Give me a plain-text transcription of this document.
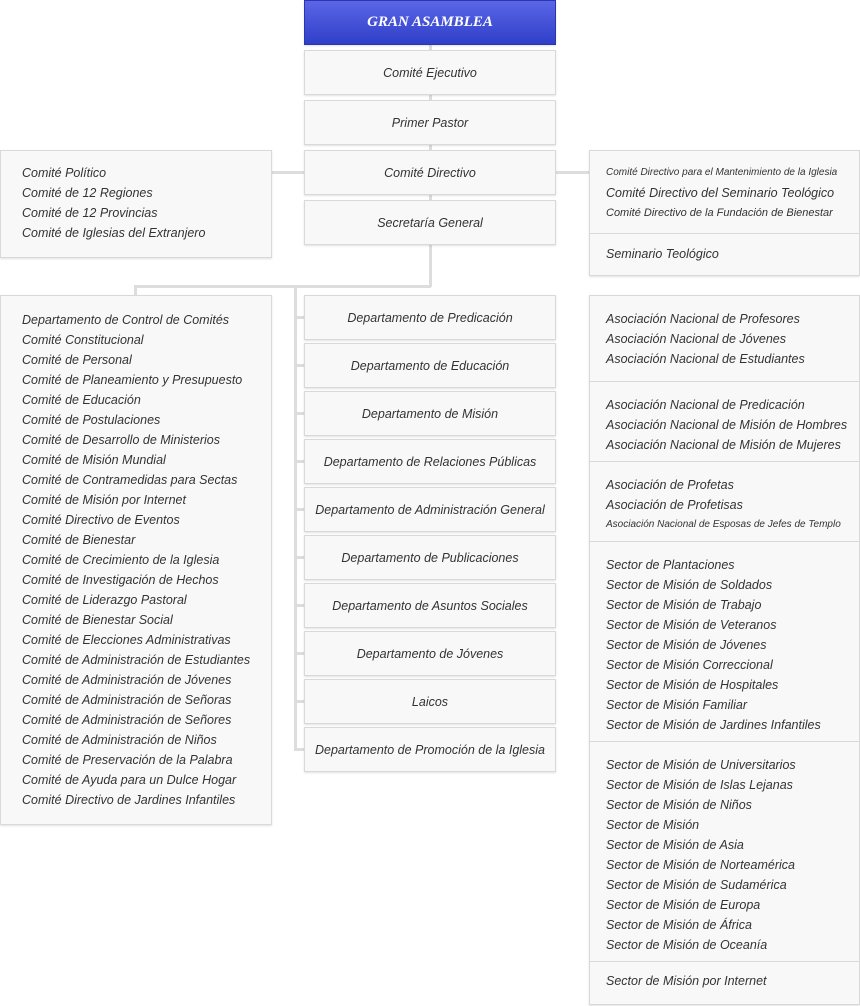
GRAN ASAMBLEA
Comité Ejecutivo
Primer Pastor
Comité Directivo
Secretaría General
Comité Político
Comité de 12 Regiones
Comité de 12 Provincias
Comité de Iglesias del Extranjero
Comité Directivo para el Mantenimiento de la Iglesia
Comité Directivo del Seminario Teológico
Comité Directivo de la Fundación de Bienestar
Seminario Teológico
Departamento de Control de Comités
Comité Constitucional
Comité de Personal
Comité de Planeamiento y Presupuesto
Comité de Educación
Comité de Postulaciones
Comité de Desarrollo de Ministerios
Comité de Misión Mundial
Comité de Contramedidas para Sectas
Comité de Misión por Internet
Comité Directivo de Eventos
Comité de Bienestar
Comité de Crecimiento de la Iglesia
Comité de Investigación de Hechos
Comité de Liderazgo Pastoral
Comité de Bienestar Social
Comité de Elecciones Administrativas
Comité de Administración de Estudiantes
Comité de Administración de Jóvenes
Comité de Administración de Señoras
Comité de Administración de Señores
Comité de Administración de Niños
Comité de Preservación de la Palabra
Comité de Ayuda para un Dulce Hogar
Comité Directivo de Jardines Infantiles
Departamento de Predicación
Departamento de Educación
Departamento de Misión
Departamento de Relaciones Públicas
Departamento de Administración General
Departamento de Publicaciones
Departamento de Asuntos Sociales
Departamento de Jóvenes
Laicos
Departamento de Promoción de la Iglesia
Asociación Nacional de Profesores
Asociación Nacional de Jóvenes
Asociación Nacional de Estudiantes
Asociación Nacional de Predicación
Asociación Nacional de Misión de Hombres
Asociación Nacional de Misión de Mujeres
Asociación de Profetas
Asociación de Profetisas
Asociación Nacional de Esposas de Jefes de Templo
Sector de Plantaciones
Sector de Misión de Soldados
Sector de Misión de Trabajo
Sector de Misión de Veteranos
Sector de Misión de Jóvenes
Sector de Misión Correccional
Sector de Misión de Hospitales
Sector de Misión Familiar
Sector de Misión de Jardines Infantiles
Sector de Misión de Universitarios
Sector de Misión de Islas Lejanas
Sector de Misión de Niños
Sector de Misión
Sector de Misión de Asia
Sector de Misión de Norteamérica
Sector de Misión de Sudamérica
Sector de Misión de Europa
Sector de Misión de África
Sector de Misión de Oceanía
Sector de Misión por Internet
